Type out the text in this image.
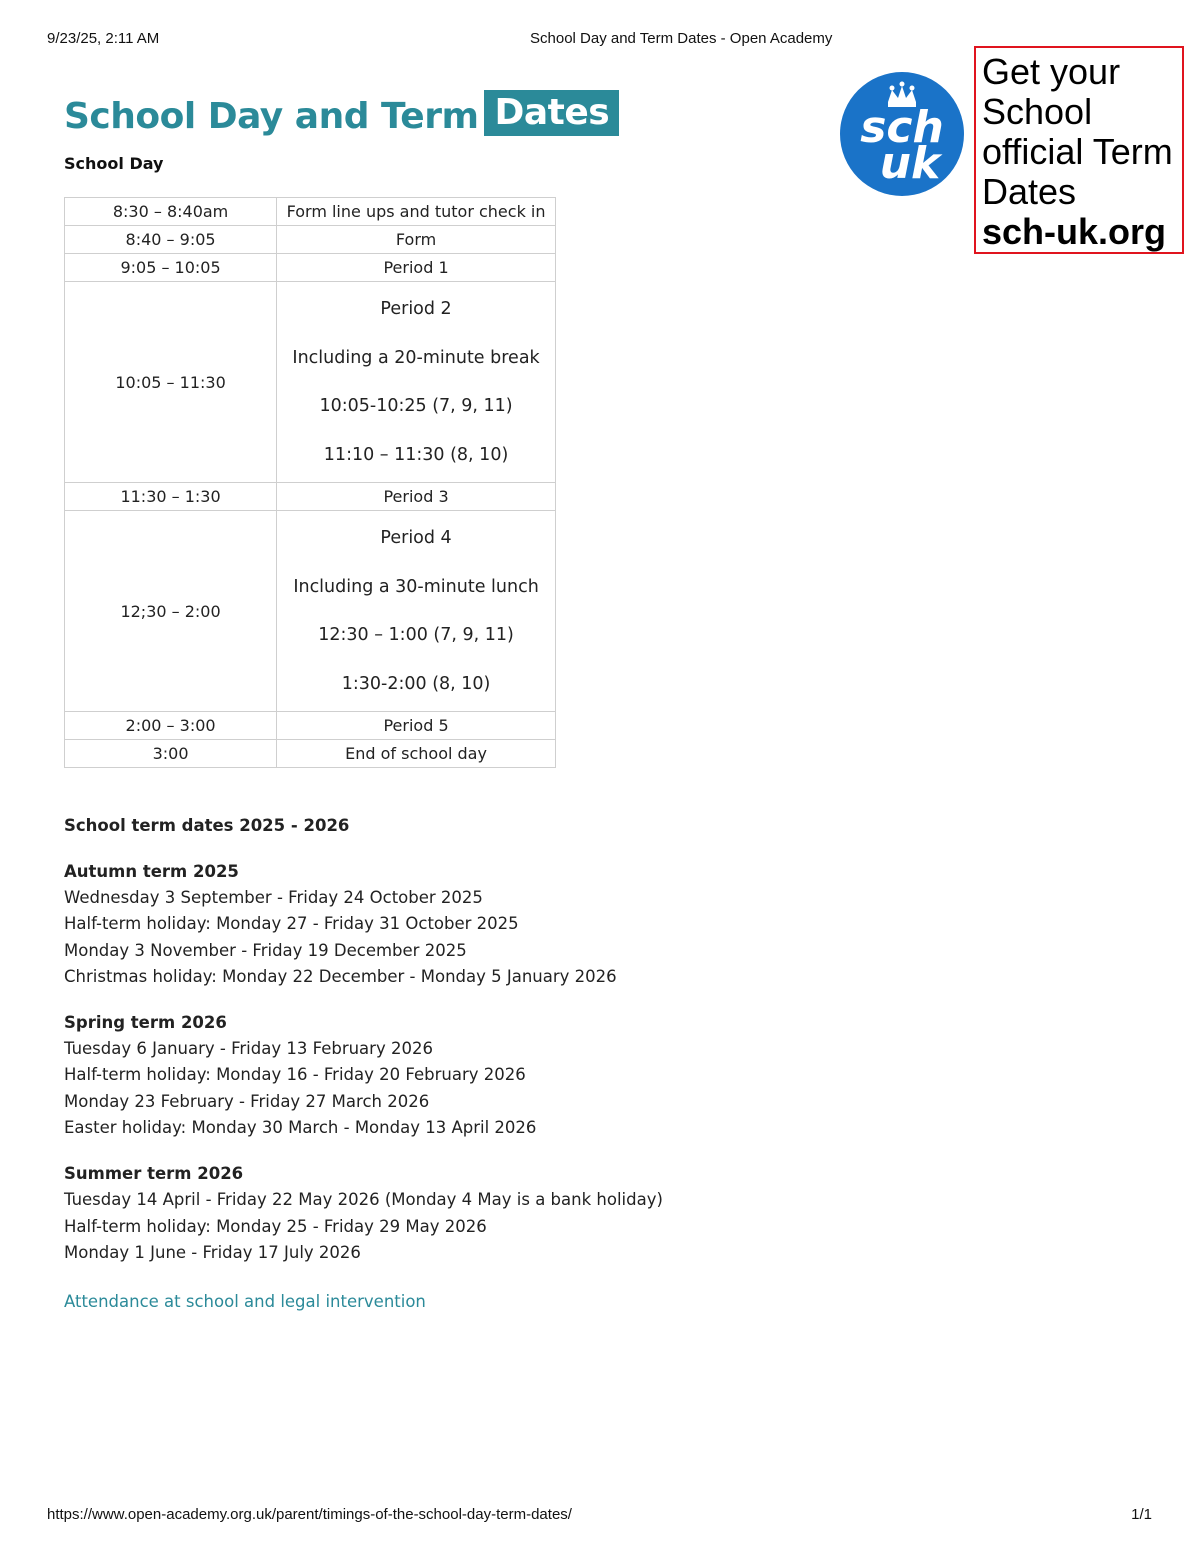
9/23/25, 2:11 AM	School Day and Term Dates - Open Academy
School Day and Term Dates
School Day
8:30 – 8:40am	Form line ups and tutor check in
8:40 – 9:05	Form
9:05 – 10:05	Period 1
10:05 – 11:30	Period 2
Including a 20-minute break
10:05-10:25 (7, 9, 11)
11:10 – 11:30 (8, 10)

11:30 – 1:30	Period 3
12;30 – 2:00	Period 4
Including a 30-minute lunch
12:30 – 1:00 (7, 9, 11)
1:30-2:00 (8, 10)

2:00 – 3:00	Period 5
3:00	End of school day
School term dates 2025 - 2026
Autumn term 2025
Wednesday 3 September - Friday 24 October 2025
Half-term holiday: Monday 27 - Friday 31 October 2025
Monday 3 November - Friday 19 December 2025
Christmas holiday: Monday 22 December - Monday 5 January 2026
Spring term 2026
Tuesday 6 January - Friday 13 February 2026
Half-term holiday: Monday 16 - Friday 20 February 2026
Monday 23 February - Friday 27 March 2026
Easter holiday: Monday 30 March - Monday 13 April 2026
Summer term 2026
Tuesday 14 April - Friday 22 May 2026 (Monday 4 May is a bank holiday)
Half-term holiday: Monday 25 - Friday 29 May 2026
Monday 1 June - Friday 17 July 2026
Attendance at school and legal intervention
sch
uk
Get your
School
official Term
Dates
sch-uk.org
https://www.open-academy.org.uk/parent/timings-of-the-school-day-term-dates/	1/1
